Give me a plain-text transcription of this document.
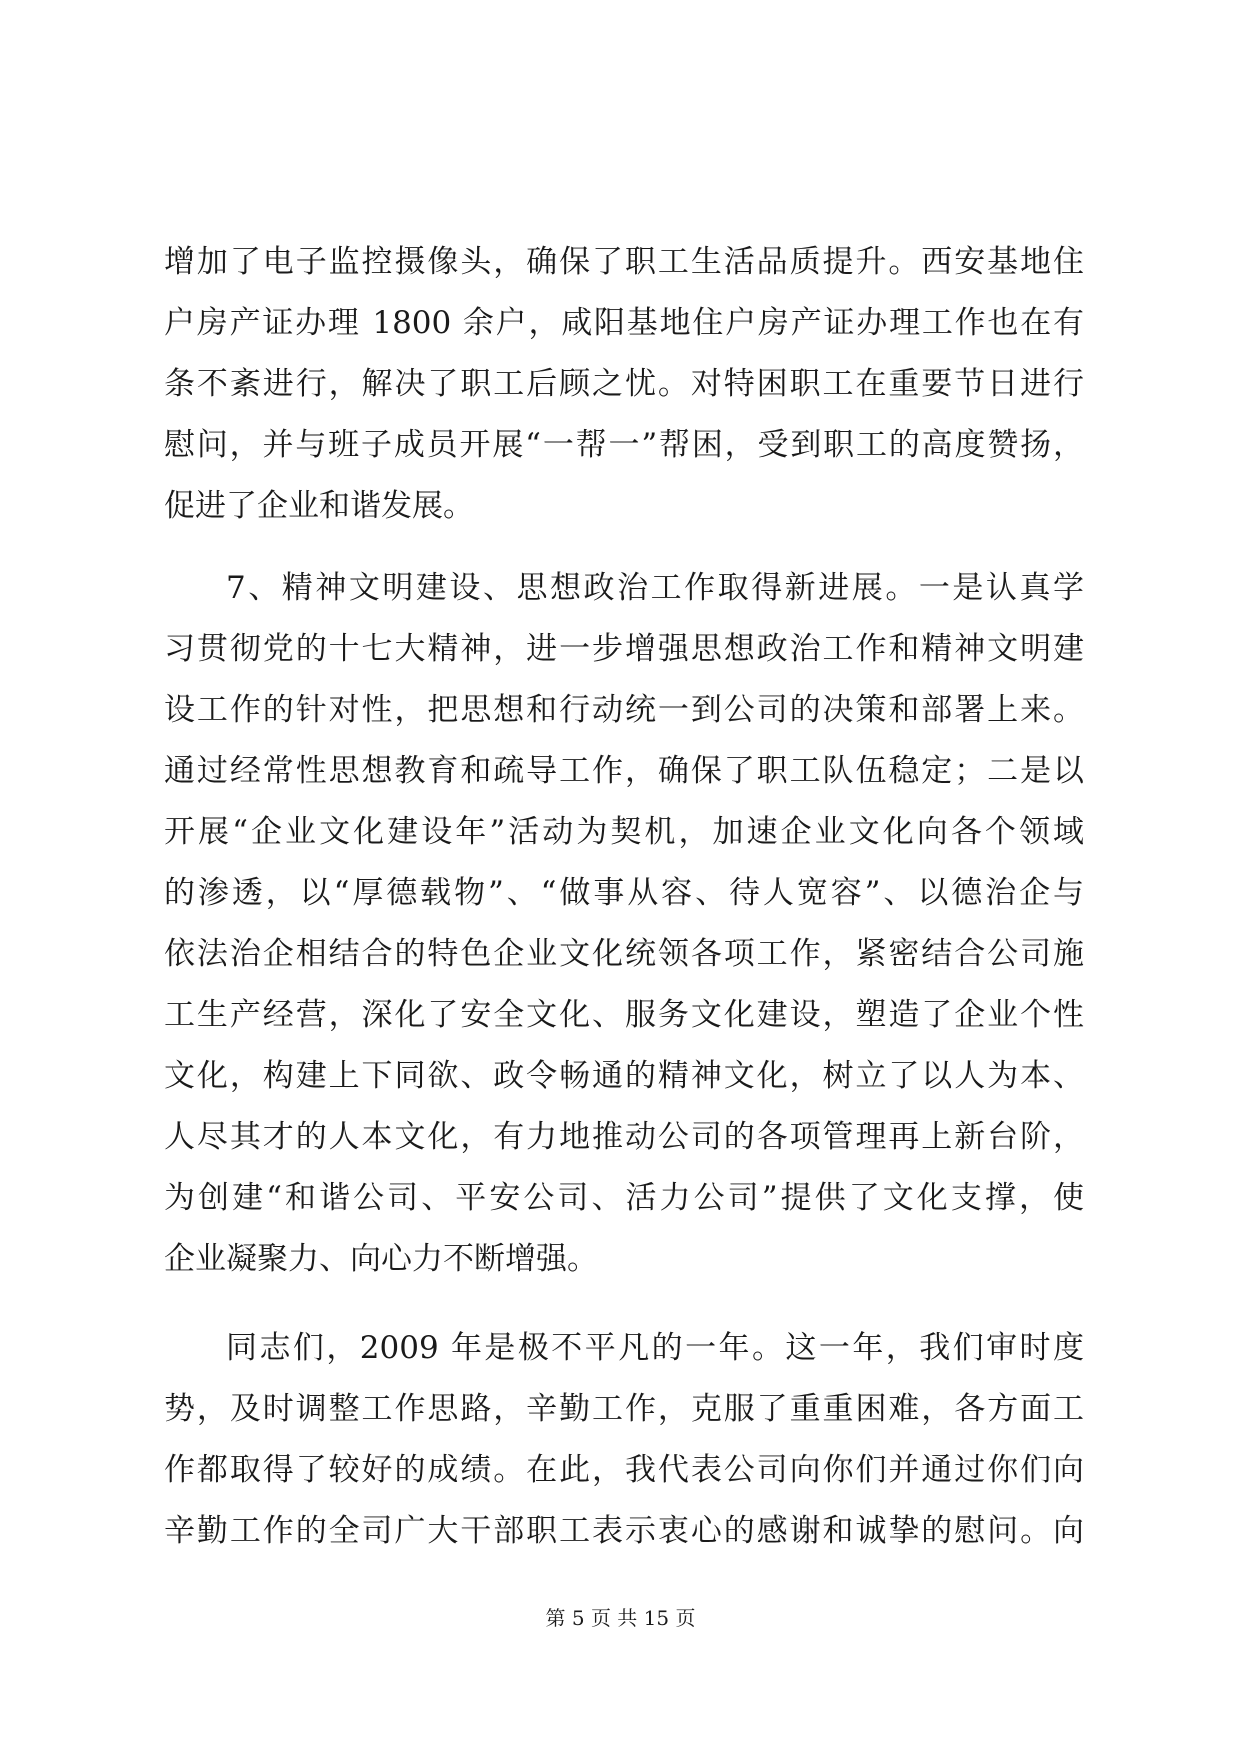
增加了电子监控摄像头，确保了职工生活品质提升。西安基地住
户房产证办理 1800 余户，咸阳基地住户房产证办理工作也在有
条不紊进行，解决了职工后顾之忧。对特困职工在重要节日进行
慰问，并与班子成员开展“一帮一”帮困，受到职工的高度赞扬，
促进了企业和谐发展。
7、精神文明建设、思想政治工作取得新进展。一是认真学
习贯彻党的十七大精神，进一步增强思想政治工作和精神文明建
设工作的针对性，把思想和行动统一到公司的决策和部署上来。
通过经常性思想教育和疏导工作，确保了职工队伍稳定；二是以
开展“企业文化建设年”活动为契机，加速企业文化向各个领域
的渗透，以“厚德载物”、“做事从容、待人宽容”、以德治企与
依法治企相结合的特色企业文化统领各项工作，紧密结合公司施
工生产经营，深化了安全文化、服务文化建设，塑造了企业个性
文化，构建上下同欲、政令畅通的精神文化，树立了以人为本、
人尽其才的人本文化，有力地推动公司的各项管理再上新台阶，
为创建“和谐公司、平安公司、活力公司”提供了文化支撑，使
企业凝聚力、向心力不断增强。
同志们，2009 年是极不平凡的一年。这一年，我们审时度
势，及时调整工作思路，辛勤工作，克服了重重困难，各方面工
作都取得了较好的成绩。在此，我代表公司向你们并通过你们向
辛勤工作的全司广大干部职工表示衷心的感谢和诚挚的慰问。向
第 5 页 共 15 页
